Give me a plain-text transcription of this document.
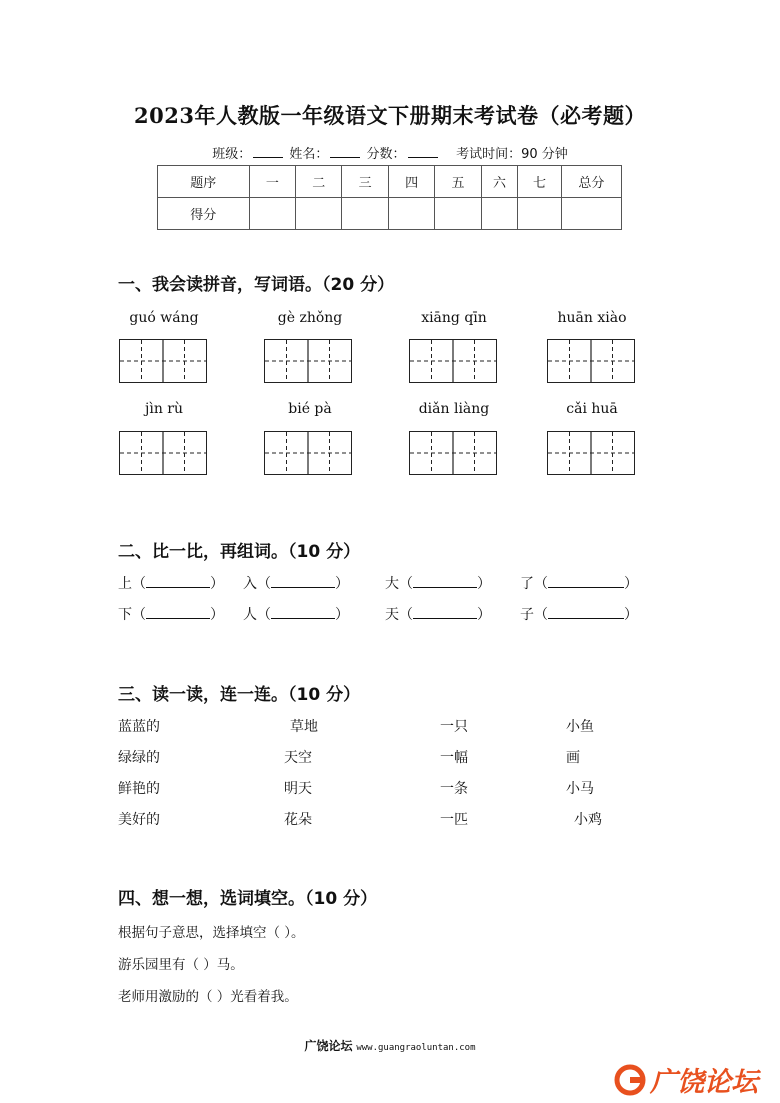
2023年人教版一年级语文下册期末考试卷（必考题）
班级：	姓名：	分数：	考试时间：90 分钟
题序	一	二	三	四	五	六	七	总分
得分								
一、我会读拼音，写词语。（20 分）
guó wáng	gè zhǒng	xiāng qīn	huān xiào
jìn rù	bié pà	diǎn liàng	cǎi huā
二、比一比，再组词。（10 分）
上（	） 入（	）	大（	） 了（	）
下（	） 人（	）	天（	） 子（	）
三、读一读，连一连。（10 分）
蓝蓝的	草地	一只	小鱼
绿绿的	天空	一幅	画
鲜艳的	明天	一条	小马
美好的	花朵	一匹	小鸡
四、想一想，选词填空。（10 分）
根据句子意思，选择填空（ ）。
游乐园里有（ ）马。
老师用激励的（ ）光看着我。
广饶论坛 www.guangraoluntan.com
广饶论坛
